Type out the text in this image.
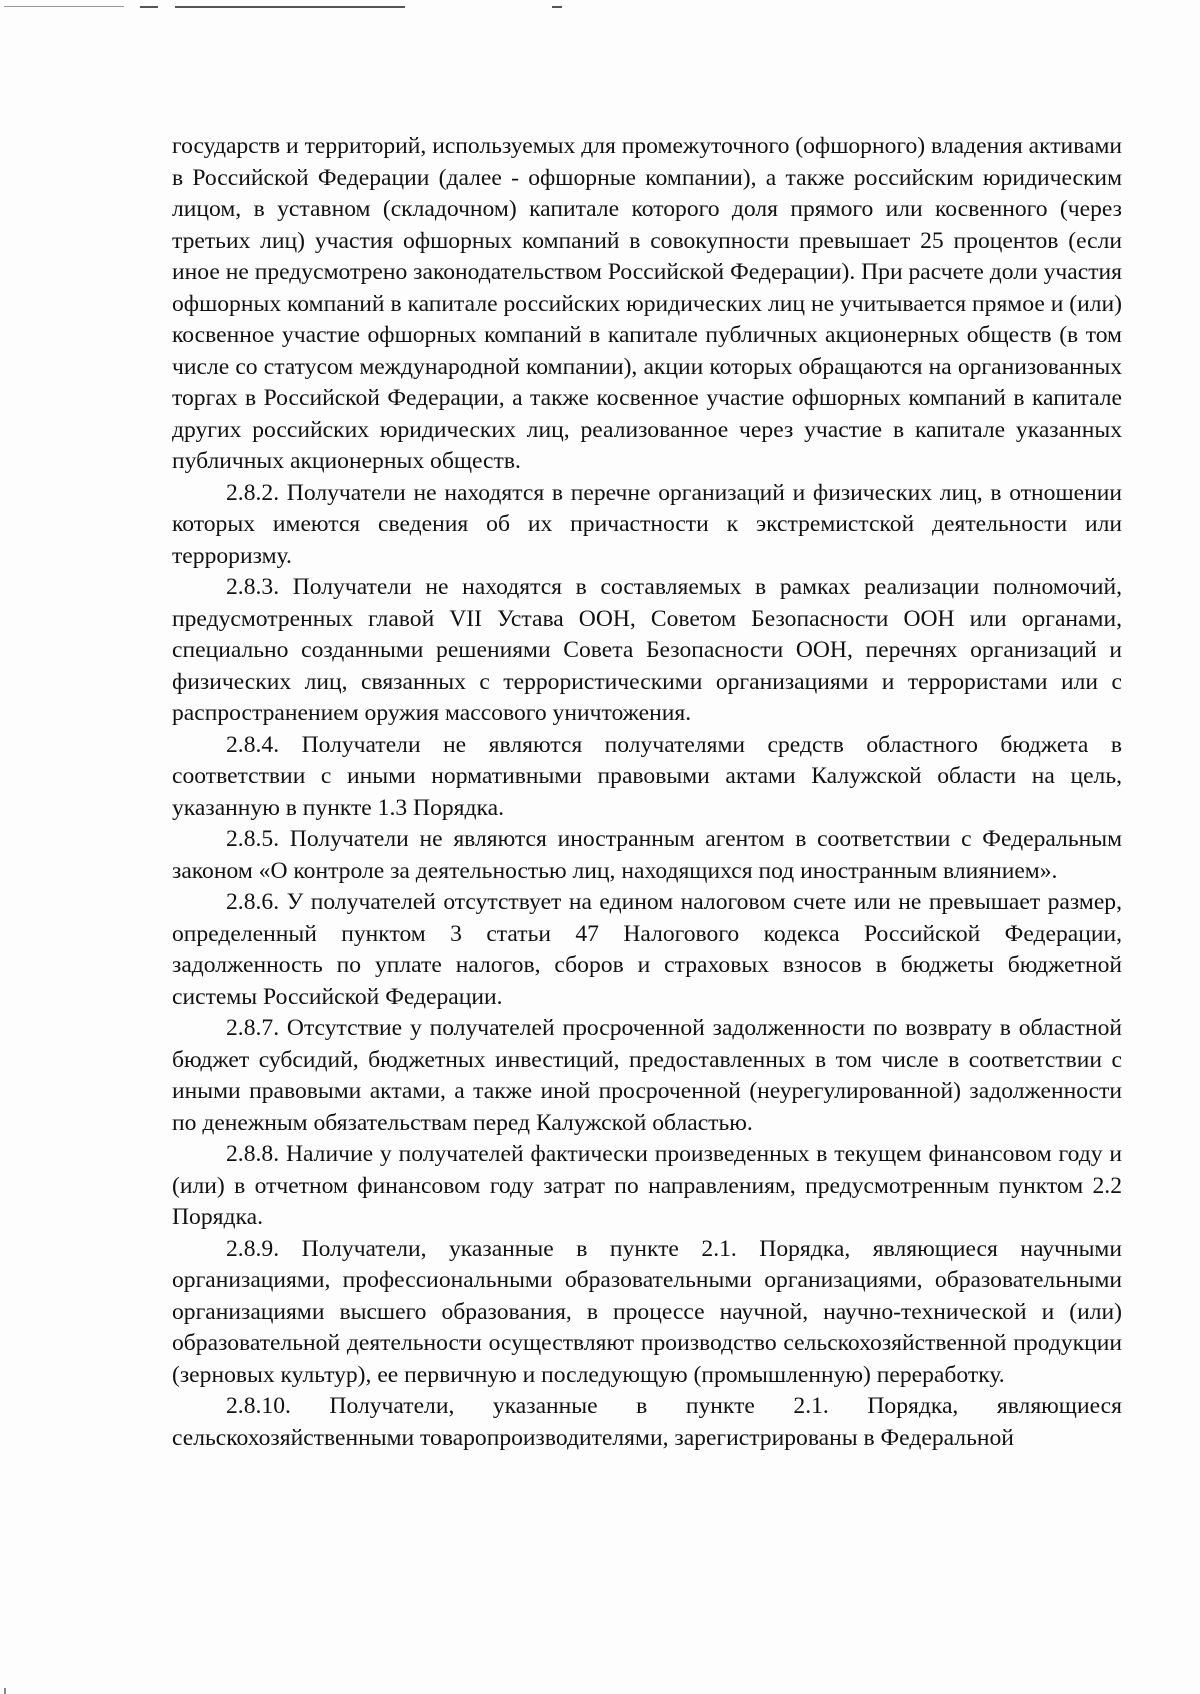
государств и территорий, используемых для промежуточного (офшорного) владения активами в Российской Федерации (далее - офшорные компании), а также российским юридическим лицом, в уставном (складочном) капитале которого доля прямого или косвенного (через третьих лиц) участия офшорных компаний в совокупности превышает 25 процентов (если иное не предусмотрено законодательством Российской Федерации). При расчете доли участия офшорных компаний в капитале российских юридических лиц не учитывается прямое и (или) косвенное участие офшорных компаний в капитале публичных акционерных обществ (в том числе со статусом международной компании), акции которых обращаются на организованных торгах в Российской Федерации, а также косвенное участие офшорных компаний в капитале других российских юридических лиц, реализованное через участие в капитале указанных публичных акционерных обществ.

2.8.2. Получатели не находятся в перечне организаций и физических лиц, в отношении которых имеются сведения об их причастности к экстремистской деятельности или терроризму.

2.8.3. Получатели не находятся в составляемых в рамках реализации полномочий, предусмотренных главой VII Устава ООН, Советом Безопасности ООН или органами, специально созданными решениями Совета Безопасности ООН, перечнях организаций и физических лиц, связанных с террористическими организациями и террористами или с распространением оружия массового уничтожения.

2.8.4. Получатели не являются получателями средств областного бюджета в соответствии с иными нормативными правовыми актами Калужской области на цель, указанную в пункте 1.3 Порядка.

2.8.5. Получатели не являются иностранным агентом в соответствии с Федеральным законом «О контроле за деятельностью лиц, находящихся под иностранным влиянием».

2.8.6. У получателей отсутствует на едином налоговом счете или не превышает размер, определенный пунктом 3 статьи 47 Налогового кодекса Российской Федерации, задолженность по уплате налогов, сборов и страховых взносов в бюджеты бюджетной системы Российской Федерации.

2.8.7. Отсутствие у получателей просроченной задолженности по возврату в областной бюджет субсидий, бюджетных инвестиций, предоставленных в том числе в соответствии с иными правовыми актами, а также иной просроченной (неурегулированной) задолженности по денежным обязательствам перед Калужской областью.

2.8.8. Наличие у получателей фактически произведенных в текущем финансовом году и (или) в отчетном финансовом году затрат по направлениям, предусмотренным пунктом 2.2 Порядка.

2.8.9. Получатели, указанные в пункте 2.1. Порядка, являющиеся научными организациями, профессиональными образовательными организациями, образовательными организациями высшего образования, в процессе научной, научно-технической и (или) образовательной деятельности осуществляют производство сельскохозяйственной продукции (зерновых культур), ее первичную и последующую (промышленную) переработку.

2.8.10. Получатели, указанные в пункте 2.1. Порядка, являющиеся сельскохозяйственными товаропроизводителями, зарегистрированы в Федеральной
